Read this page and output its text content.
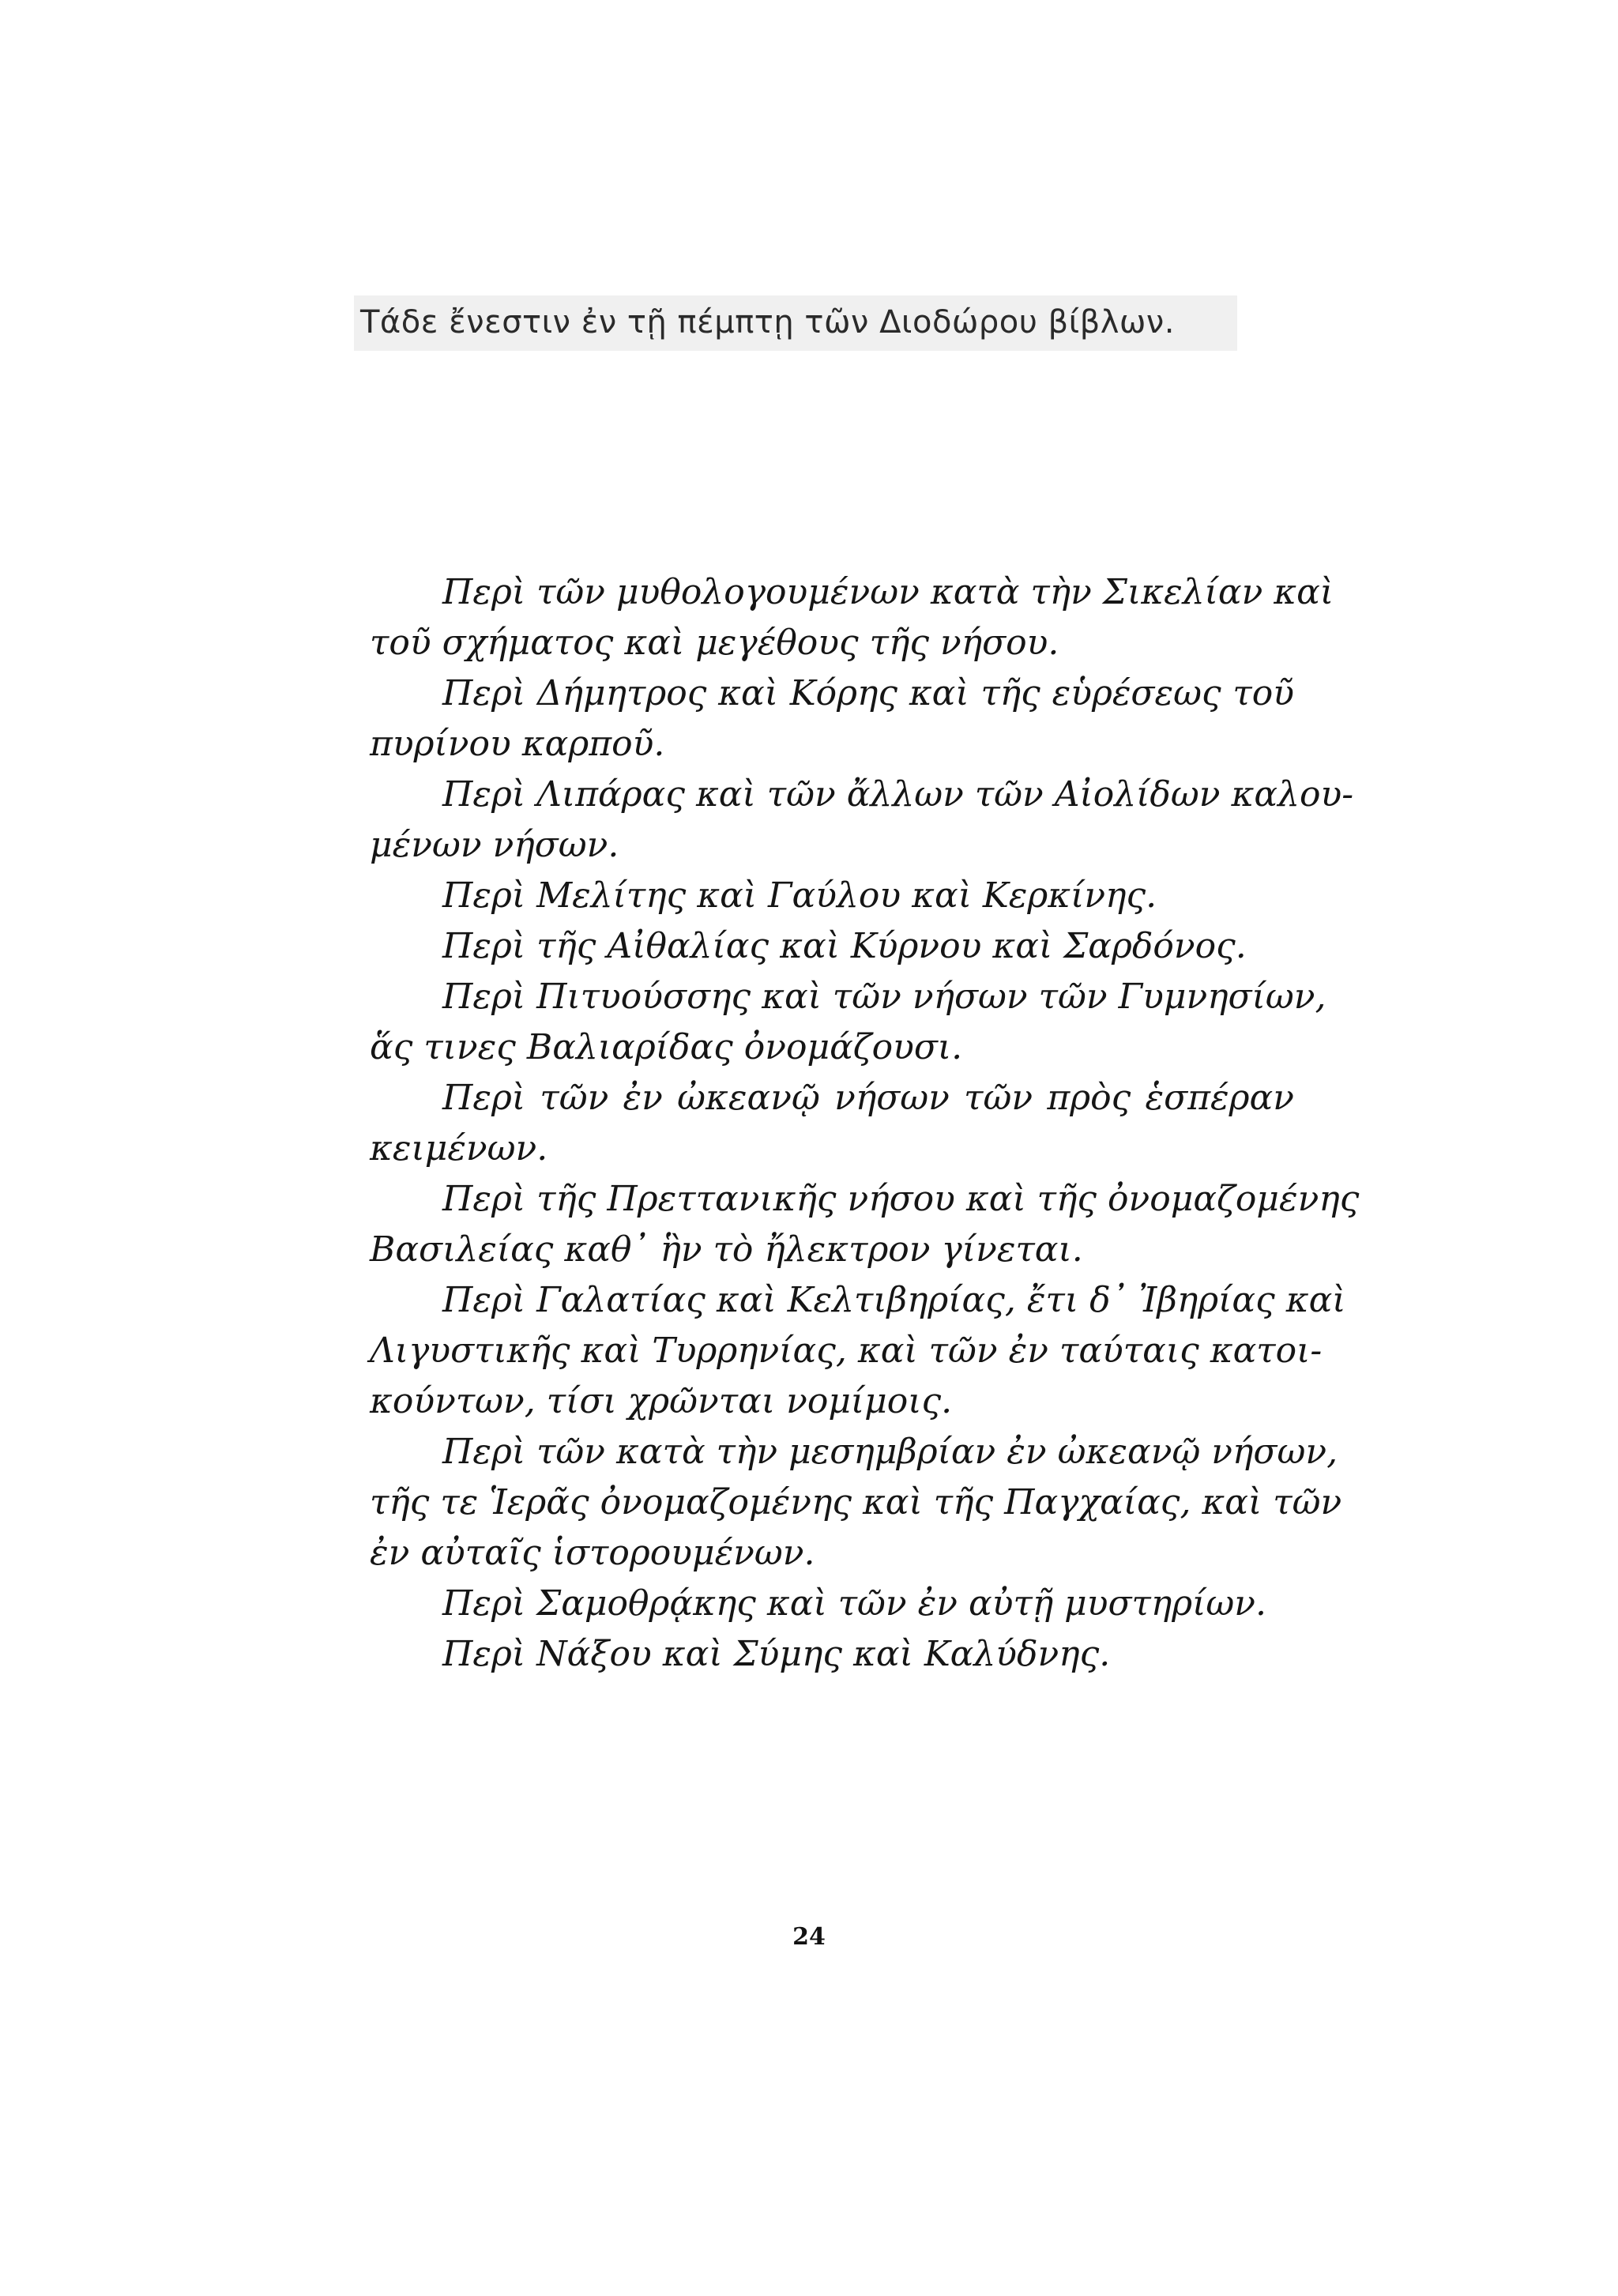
Τάδε ἔνεστιν ἐν τῇ πέμπτῃ τῶν Διοδώρου βίβλων.
Περὶ τῶν μυθολογουμένων κατὰ τὴν Σικελίαν καὶ
τοῦ σχήματος καὶ μεγέθους τῆς νήσου.
Περὶ Δήμητρος καὶ Κόρης καὶ τῆς εὑρέσεως τοῦ
πυρίνου καρποῦ.
Περὶ Λιπάρας καὶ τῶν ἄλλων τῶν Αἰολίδων καλου-
μένων νήσων.
Περὶ Μελίτης καὶ Γαύλου καὶ Κερκίνης.
Περὶ τῆς Αἰθαλίας καὶ Κύρνου καὶ Σαρδόνος.
Περὶ Πιτυούσσης καὶ τῶν νήσων τῶν Γυμνησίων,
ἅς τινες Βαλιαρίδας ὀνομάζουσι.
Περὶ τῶν ἐν ὠκεανῷ νήσων τῶν πρὸς ἑσπέραν
κειμένων.
Περὶ τῆς Πρεττανικῆς νήσου καὶ τῆς ὀνομαζομένης
Βασιλείας καθ᾽ ἣν τὸ ἤλεκτρον γίνεται.
Περὶ Γαλατίας καὶ Κελτιβηρίας, ἔτι δ᾽ Ἰβηρίας καὶ
Λιγυστικῆς καὶ Τυρρηνίας, καὶ τῶν ἐν ταύταις κατοι-
κούντων, τίσι χρῶνται νομίμοις.
Περὶ τῶν κατὰ τὴν μεσημβρίαν ἐν ὠκεανῷ νήσων,
τῆς τε Ἱερᾶς ὀνομαζομένης καὶ τῆς Παγχαίας, καὶ τῶν
ἐν αὐταῖς ἱστορουμένων.
Περὶ Σαμοθρᾴκης καὶ τῶν ἐν αὐτῇ μυστηρίων.
Περὶ Νάξου καὶ Σύμης καὶ Καλύδνης.
24
